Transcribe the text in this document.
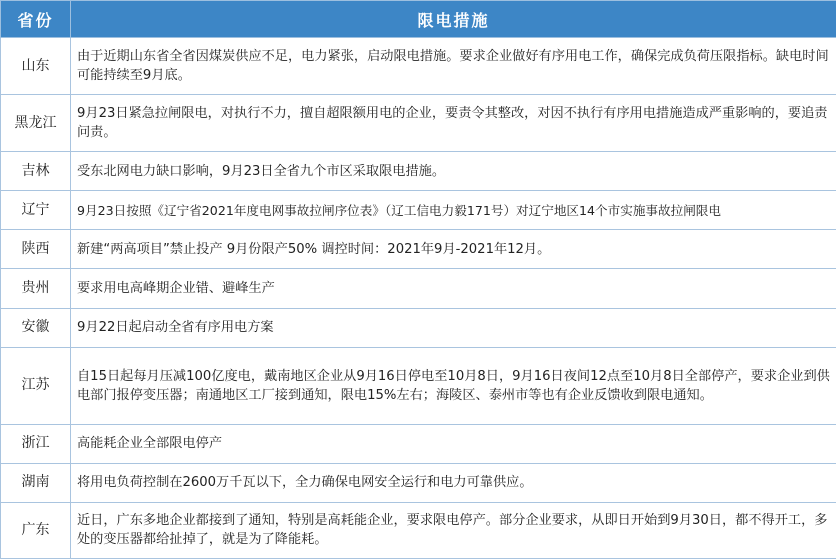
省份	限电措施
山东	由于近期山东省全省因煤炭供应不足，电力紧张，启动限电措施。要求企业做好有序用电工作，确保完成负荷压限指标。缺电时间可能持续至9月底。
黑龙江	9月23日紧急拉闸限电，对执行不力，擅自超限额用电的企业，要责令其整改，对因不执行有序用电措施造成严重影响的，要追责问责。
吉林	受东北网电力缺口影响，9月23日全省九个市区采取限电措施。
辽宁	9月23日按照《辽宁省2021年度电网事故拉闸序位表》（辽工信电力毅171号）对辽宁地区14个市实施事故拉闸限电
陕西	新建“两高项目”禁止投产 9月份限产50% 调控时间：2021年9月-2021年12月。
贵州	要求用电高峰期企业错、避峰生产
安徽	9月22日起启动全省有序用电方案
江苏	自15日起每月压减100亿度电，戴南地区企业从9月16日停电至10月8日，9月16日夜间12点至10月8日全部停产，要求企业到供电部门报停变压器；南通地区工厂接到通知，限电15%左右；海陵区、泰州市等也有企业反馈收到限电通知。
浙江	高能耗企业全部限电停产
湖南	将用电负荷控制在2600万千瓦以下，全力确保电网安全运行和电力可靠供应。
广东	近日，广东多地企业都接到了通知，特别是高耗能企业，要求限电停产。部分企业要求，从即日开始到9月30日，都不得开工，多处的变压器都给扯掉了，就是为了降能耗。
